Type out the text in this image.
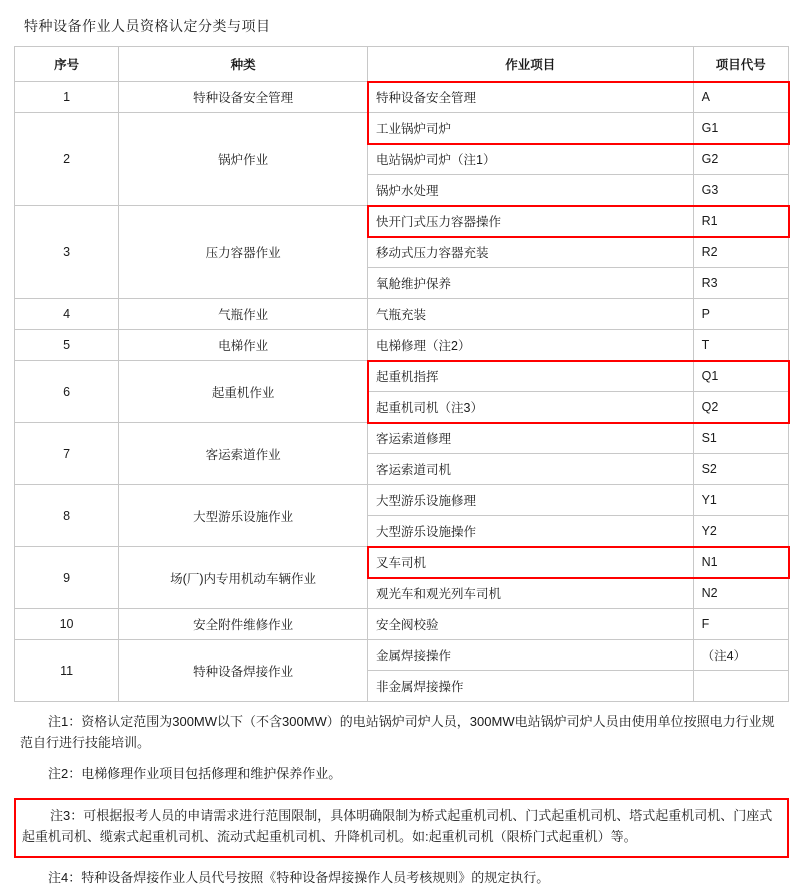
特种设备作业人员资格认定分类与项目
序号	种类	作业项目	项目代号
1	特种设备安全管理	特种设备安全管理	A
2	锅炉作业	工业锅炉司炉	G1
		电站锅炉司炉（注1）	G2
		锅炉水处理	G3
3	压力容器作业	快开门式压力容器操作	R1
		移动式压力容器充装	R2
		氧舱维护保养	R3
4	气瓶作业	气瓶充装	P
5	电梯作业	电梯修理（注2）	T
6	起重机作业	起重机指挥	Q1
		起重机司机（注3）	Q2
7	客运索道作业	客运索道修理	S1
		客运索道司机	S2
8	大型游乐设施作业	大型游乐设施修理	Y1
		大型游乐设施操作	Y2
9	场(厂)内专用机动车辆作业	叉车司机	N1
		观光车和观光列车司机	N2
10	安全附件维修作业	安全阀校验	F
11	特种设备焊接作业	金属焊接操作	（注4）
		非金属焊接操作	
注1：资格认定范围为300MW以下（不含300MW）的电站锅炉司炉人员，300MW电站锅炉司炉人员由使用单位按照电力行业规范自行进行技能培训。
注2：电梯修理作业项目包括修理和维护保养作业。
注3：可根据报考人员的申请需求进行范围限制，具体明确限制为桥式起重机司机、门式起重机司机、塔式起重机司机、门座式起重机司机、缆索式起重机司机、流动式起重机司机、升降机司机。如:起重机司机（限桥门式起重机）等。
注4：特种设备焊接作业人员代号按照《特种设备焊接操作人员考核规则》的规定执行。
